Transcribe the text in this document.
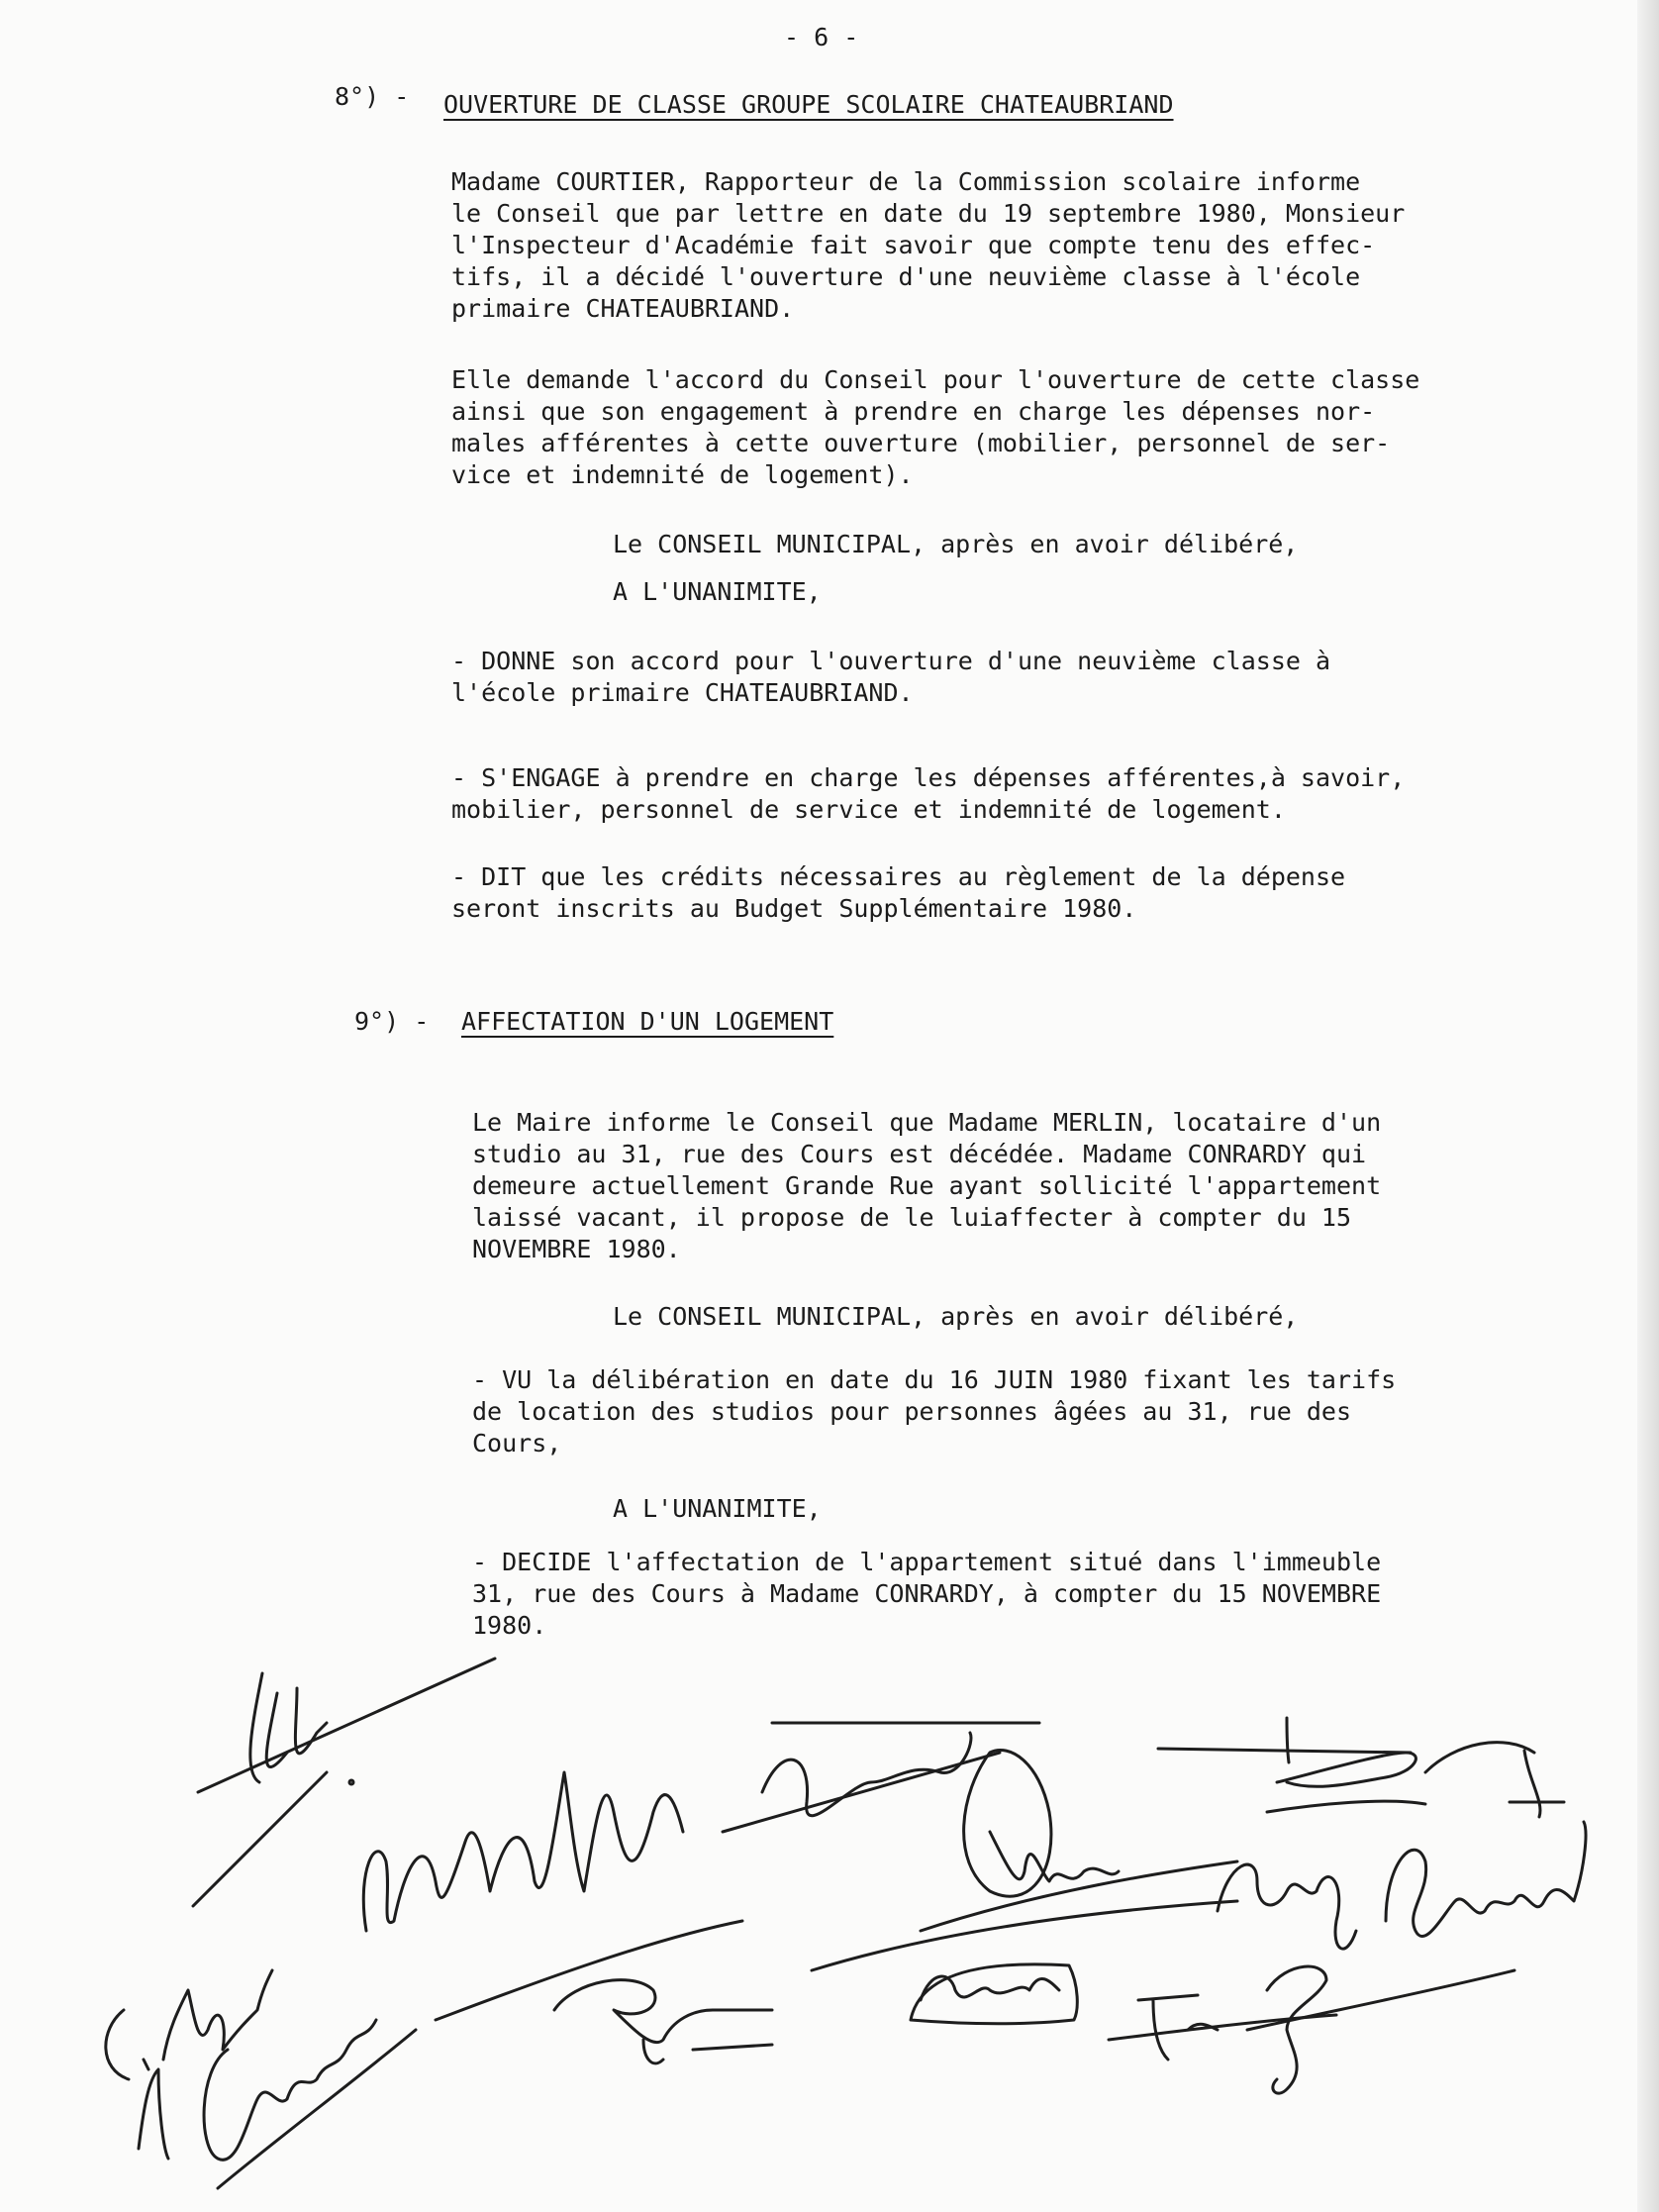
- 6 -

8°) - OUVERTURE DE CLASSE GROUPE SCOLAIRE CHATEAUBRIAND

Madame COURTIER, Rapporteur de la Commission scolaire informe
le Conseil que par lettre en date du 19 septembre 1980, Monsieur
l'Inspecteur d'Académie fait savoir que compte tenu des effec-
tifs, il a décidé l'ouverture d'une neuvième classe à l'école
primaire CHATEAUBRIAND.

Elle demande l'accord du Conseil pour l'ouverture de cette classe
ainsi que son engagement à prendre en charge les dépenses nor-
males afférentes à cette ouverture (mobilier, personnel de ser-
vice et indemnité de logement).

Le CONSEIL MUNICIPAL, après en avoir délibéré,

A L'UNANIMITE,

- DONNE son accord pour l'ouverture d'une neuvième classe à
l'école primaire CHATEAUBRIAND.

- S'ENGAGE à prendre en charge les dépenses afférentes,à savoir,
mobilier, personnel de service et indemnité de logement.

- DIT que les crédits nécessaires au règlement de la dépense
seront inscrits au Budget Supplémentaire 1980.

9°) - AFFECTATION D'UN LOGEMENT

Le Maire informe le Conseil que Madame MERLIN, locataire d'un
studio au 31, rue des Cours est décédée. Madame CONRARDY qui
demeure actuellement Grande Rue ayant sollicité l'appartement
laissé vacant, il propose de le luiaffecter à compter du 15
NOVEMBRE 1980.

Le CONSEIL MUNICIPAL, après en avoir délibéré,

- VU la délibération en date du 16 JUIN 1980 fixant les tarifs
de location des studios pour personnes âgées au 31, rue des
Cours,

A L'UNANIMITE,

- DECIDE l'affectation de l'appartement situé dans l'immeuble
31, rue des Cours à Madame CONRARDY, à compter du 15 NOVEMBRE
1980.
